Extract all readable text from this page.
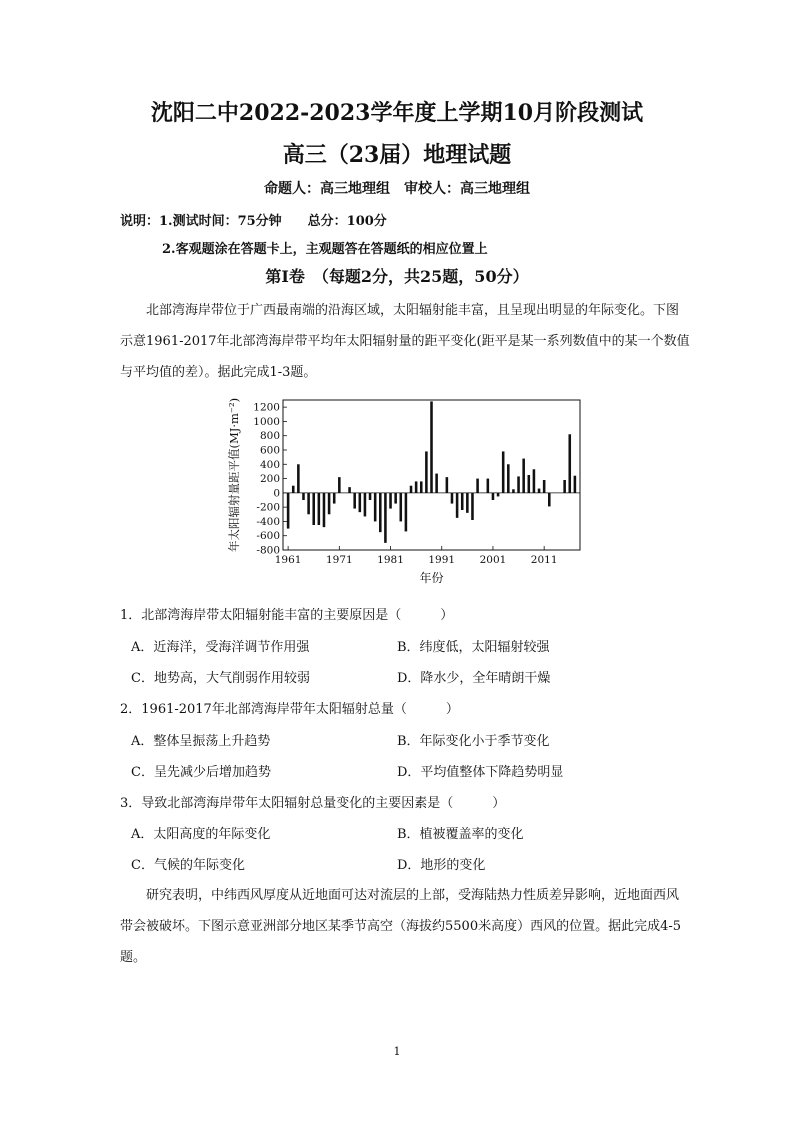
沈阳二中2022-2023学年度上学期10月阶段测试
高三（23届）地理试题
命题人：高三地理组　审校人：高三地理组
说明：1.测试时间：75分钟　　总分：100分
2.客观题涂在答题卡上，主观题答在答题纸的相应位置上
第Ⅰ卷　（每题2分，共25题，50分）

北部湾海岸带位于广西最南端的沿海区域，太阳辐射能丰富，且呈现出明显的年际变化。下图示意1961-2017年北部湾海岸带平均年太阳辐射量的距平变化(距平是某一系列数值中的某一个数值与平均值的差）。据此完成1-3题。

-800
-600
-400
-200
0
200
400
600
800
1000
1200
1961 1971 1981 1991 2001 2011
年太阳辐射量距平值(MJ·m⁻²)
年份
1．北部湾海岸带太阳辐射能丰富的主要原因是（　　　）
A．近海洋，受海洋调节作用强	B．纬度低，太阳辐射较强
C．地势高，大气削弱作用较弱	D．降水少，全年晴朗干燥
2．1961-2017年北部湾海岸带年太阳辐射总量（　　　）
A．整体呈振荡上升趋势	B．年际变化小于季节变化
C．呈先减少后增加趋势	D．平均值整体下降趋势明显
3．导致北部湾海岸带年太阳辐射总量变化的主要因素是（　　　）
A．太阳高度的年际变化	B．植被覆盖率的变化
C．气候的年际变化	D．地形的变化

研究表明，中纬西风厚度从近地面可达对流层的上部，受海陆热力性质差异影响，近地面西风带会被破坏。下图示意亚洲部分地区某季节高空（海拔约5500米高度）西风的位置。据此完成4-5题。

1
